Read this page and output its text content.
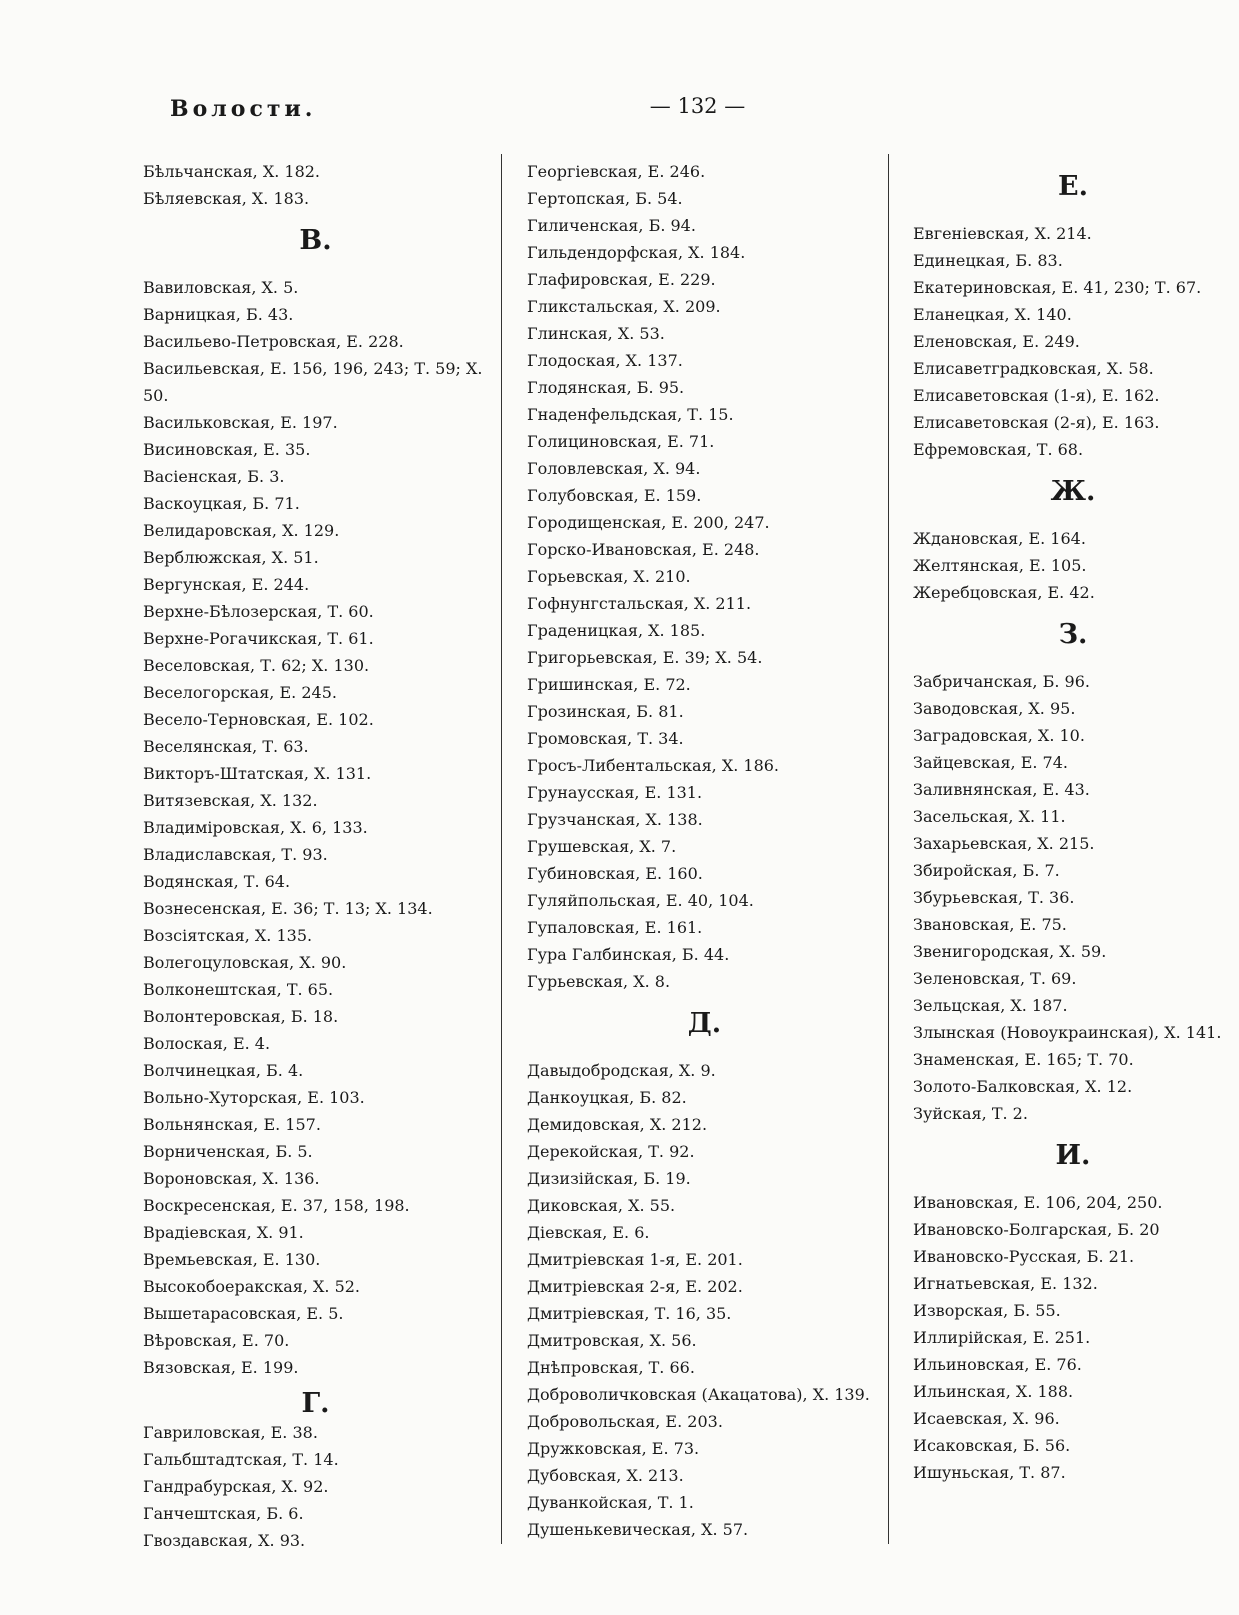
Волости.	— 132 —
Бѣльчанская, Х. 182.
Бѣляевская, Х. 183.
В.
Вавиловская, Х. 5.
Варницкая, Б. 43.
Васильево-Петровская, Е. 228.
Васильевская, Е. 156, 196, 243; Т. 59; Х. 50.
Васильковская, Е. 197.
Висиновская, Е. 35.
Васіенская, Б. 3.
Васкоуцкая, Б. 71.
Велидаровская, Х. 129.
Верблюжская, Х. 51.
Вергунская, Е. 244.
Верхне-Бѣлозерская, Т. 60.
Верхне-Рогачикская, Т. 61.
Веселовская, Т. 62; Х. 130.
Веселогорская, Е. 245.
Весело-Терновская, Е. 102.
Веселянская, Т. 63.
Викторъ-Штатская, Х. 131.
Витязевская, Х. 132.
Владиміровская, Х. 6, 133.
Владиславская, Т. 93.
Водянская, Т. 64.
Вознесенская, Е. 36; Т. 13; Х. 134.
Возсіятская, Х. 135.
Волегоцуловская, Х. 90.
Волконештская, Т. 65.
Волонтеровская, Б. 18.
Волоская, Е. 4.
Волчинецкая, Б. 4.
Вольно-Хуторская, Е. 103.
Вольнянская, Е. 157.
Ворниченская, Б. 5.
Вороновская, Х. 136.
Воскресенская, Е. 37, 158, 198.
Врадіевская, Х. 91.
Времьевская, Е. 130.
Высокобоеракская, Х. 52.
Вышетарасовская, Е. 5.
Вѣровская, Е. 70.
Вязовская, Е. 199.
Г.
Гавриловская, Е. 38.
Гальбштадтская, Т. 14.
Гандрабурская, Х. 92.
Ганчештская, Б. 6.
Гвоздавская, Х. 93.
Георгіевская, Е. 246.
Гертопская, Б. 54.
Гиличенская, Б. 94.
Гильдендорфская, Х. 184.
Глафировская, Е. 229.
Гликстальская, Х. 209.
Глинская, Х. 53.
Глодоская, Х. 137.
Глодянская, Б. 95.
Гнаденфельдская, Т. 15.
Голициновская, Е. 71.
Головлевская, Х. 94.
Голубовская, Е. 159.
Городищенская, Е. 200, 247.
Горско-Ивановская, Е. 248.
Горьевская, Х. 210.
Гофнунгстальская, Х. 211.
Граденицкая, Х. 185.
Григорьевская, Е. 39; Х. 54.
Гришинская, Е. 72.
Грозинская, Б. 81.
Громовская, Т. 34.
Гросъ-Либентальская, Х. 186.
Грунаусская, Е. 131.
Грузчанская, Х. 138.
Грушевская, Х. 7.
Губиновская, Е. 160.
Гуляйпольская, Е. 40, 104.
Гупаловская, Е. 161.
Гура Галбинская, Б. 44.
Гурьевская, Х. 8.
Д.
Давыдобродская, Х. 9.
Данкоуцкая, Б. 82.
Демидовская, Х. 212.
Дерекойская, Т. 92.
Дизизійская, Б. 19.
Диковская, Х. 55.
Діевская, Е. 6.
Дмитріевская 1-я, Е. 201.
Дмитріевская 2-я, Е. 202.
Дмитріевская, Т. 16, 35.
Дмитровская, Х. 56.
Днѣпровская, Т. 66.
Доброволичковская (Акацатова), Х. 139.
Добровольская, Е. 203.
Дружковская, Е. 73.
Дубовская, Х. 213.
Дуванкойская, Т. 1.
Душенькевическая, Х. 57.
Е.
Евгеніевская, Х. 214.
Единецкая, Б. 83.
Екатериновская, Е. 41, 230; Т. 67.
Еланецкая, Х. 140.
Еленовская, Е. 249.
Елисаветградковская, Х. 58.
Елисаветовская (1-я), Е. 162.
Елисаветовская (2-я), Е. 163.
Ефремовская, Т. 68.
Ж.
Ждановская, Е. 164.
Желтянская, Е. 105.
Жеребцовская, Е. 42.
З.
Забричанская, Б. 96.
Заводовская, Х. 95.
Заградовская, Х. 10.
Зайцевская, Е. 74.
Заливнянская, Е. 43.
Засельская, Х. 11.
Захарьевская, Х. 215.
Збиройская, Б. 7.
Збурьевская, Т. 36.
Звановская, Е. 75.
Звенигородская, Х. 59.
Зеленовская, Т. 69.
Зельцская, Х. 187.
Злынская (Новоукраинская), Х. 141.
Знаменская, Е. 165; Т. 70.
Золото-Балковская, Х. 12.
Зуйская, Т. 2.
И.
Ивановская, Е. 106, 204, 250.
Ивановско-Болгарская, Б. 20
Ивановско-Русская, Б. 21.
Игнатьевская, Е. 132.
Изворская, Б. 55.
Иллирійская, Е. 251.
Ильиновская, Е. 76.
Ильинская, Х. 188.
Исаевская, Х. 96.
Исаковская, Б. 56.
Ишуньская, Т. 87.
